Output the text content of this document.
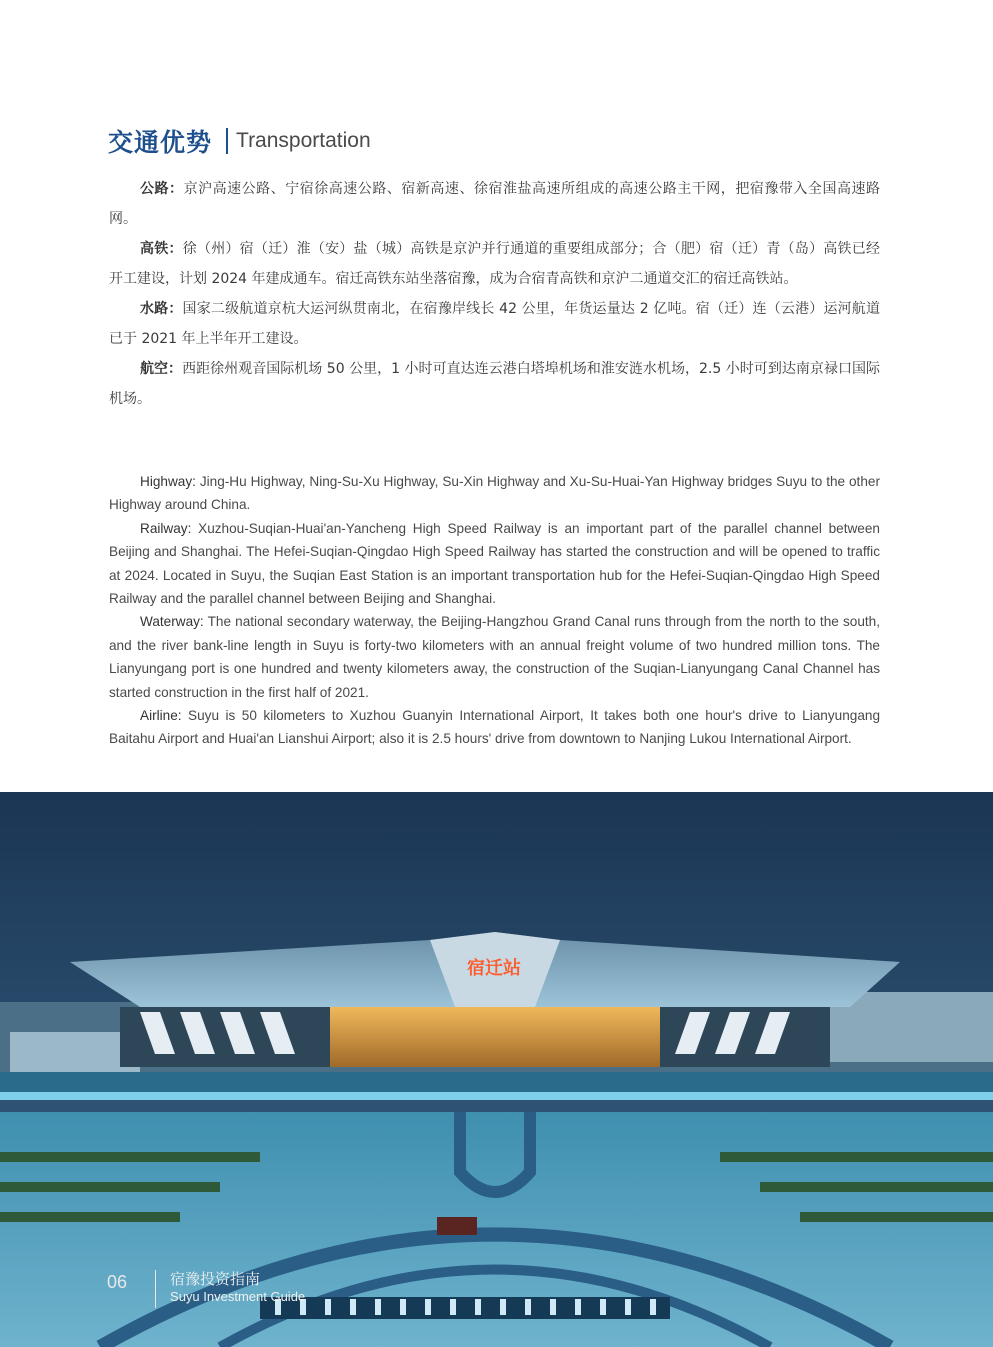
交通优势 Transportation

公路：京沪高速公路、宁宿徐高速公路、宿新高速、徐宿淮盐高速所组成的高速公路主干网，把宿豫带入全国高速路网。

高铁：徐（州）宿（迁）淮（安）盐（城）高铁是京沪并行通道的重要组成部分；合（肥）宿（迁）青（岛）高铁已经开工建设，计划 2024 年建成通车。宿迁高铁东站坐落宿豫，成为合宿青高铁和京沪二通道交汇的宿迁高铁站。

水路：国家二级航道京杭大运河纵贯南北，在宿豫岸线长 42 公里，年货运量达 2 亿吨。宿（迁）连（云港）运河航道已于 2021 年上半年开工建设。

航空：西距徐州观音国际机场 50 公里，1 小时可直达连云港白塔埠机场和淮安涟水机场，2.5 小时可到达南京禄口国际机场。

Highway: Jing-Hu Highway, Ning-Su-Xu Highway, Su-Xin Highway and Xu-Su-Huai-Yan Highway bridges Suyu to the other Highway around China.

Railway: Xuzhou-Suqian-Huai'an-Yancheng High Speed Railway is an important part of the parallel channel between Beijing and Shanghai. The Hefei-Suqian-Qingdao High Speed Railway has started the construction and will be opened to traffic at 2024. Located in Suyu, the Suqian East Station is an important transportation hub for the Hefei-Suqian-Qingdao High Speed Railway and the parallel channel between Beijing and Shanghai.

Waterway: The national secondary waterway, the Beijing-Hangzhou Grand Canal runs through from the north to the south, and the river bank-line length in Suyu is forty-two kilometers with an annual freight volume of two hundred million tons. The Lianyungang port is one hundred and twenty kilometers away, the construction of the Suqian-Lianyungang Canal Channel has started construction in the first half of 2021.

Airline: Suyu is 50 kilometers to Xuzhou Guanyin International Airport, It takes both one hour's drive to Lianyungang Baitahu Airport and Huai'an Lianshui Airport; also it is 2.5 hours' drive from downtown to Nanjing Lukou International Airport.

宿迁站
06	宿豫投资指南
Suyu Investment Guide
